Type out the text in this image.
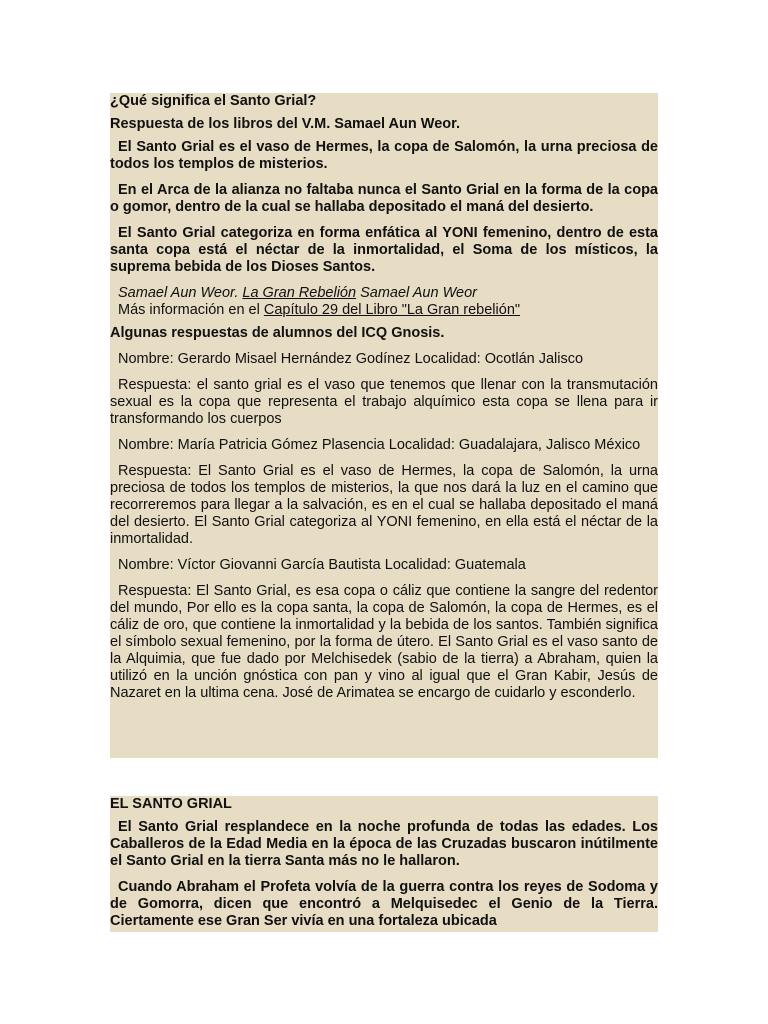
¿Qué significa el Santo Grial?

Respuesta de los libros del V.M. Samael Aun Weor.

El Santo Grial es el vaso de Hermes, la copa de Salomón, la urna preciosa de todos los templos de misterios.

En el Arca de la alianza no faltaba nunca el Santo Grial en la forma de la copa o gomor, dentro de la cual se hallaba depositado el maná del desierto.

El Santo Grial categoriza en forma enfática al YONI femenino, dentro de esta santa copa está el néctar de la inmortalidad, el Soma de los místicos, la suprema bebida de los Dioses Santos.

Samael Aun Weor. La Gran Rebelión Samael Aun Weor
Más información en el Capítulo 29 del Libro "La Gran rebelión"

Algunas respuestas de alumnos del ICQ Gnosis.

Nombre: Gerardo Misael Hernández Godínez Localidad: Ocotlán Jalisco

Respuesta: el santo grial es el vaso que tenemos que llenar con la transmutación sexual es la copa que representa el trabajo alquímico esta copa se llena para ir transformando los cuerpos

Nombre: María Patricia Gómez Plasencia Localidad: Guadalajara, Jalisco México

Respuesta: El Santo Grial es el vaso de Hermes, la copa de Salomón, la urna preciosa de todos los templos de misterios, la que nos dará la luz en el camino que recorreremos para llegar a la salvación, es en el cual se hallaba depositado el maná del desierto. El Santo Grial categoriza al YONI femenino, en ella está el néctar de la inmortalidad.

Nombre: Víctor Giovanni García Bautista Localidad: Guatemala

Respuesta: El Santo Grial, es esa copa o cáliz que contiene la sangre del redentor del mundo, Por ello es la copa santa, la copa de Salomón, la copa de Hermes, es el cáliz de oro, que contiene la inmortalidad y la bebida de los santos. También significa el símbolo sexual femenino, por la forma de útero. El Santo Grial es el vaso santo de la Alquimia, que fue dado por Melchisedek (sabio de la tierra) a Abraham, quien la utilizó en la unción gnóstica con pan y vino al igual que el Gran Kabir, Jesús de Nazaret en la ultima cena. José de Arimatea se encargo de cuidarlo y esconderlo.

EL SANTO GRIAL

El Santo Grial resplandece en la noche profunda de todas las edades. Los Caballeros de la Edad Media en la época de las Cruzadas buscaron inútilmente el Santo Grial en la tierra Santa más no le hallaron.

Cuando Abraham el Profeta volvía de la guerra contra los reyes de Sodoma y de Gomorra, dicen que encontró a Melquisedec el Genio de la Tierra. Ciertamente ese Gran Ser vivía en una fortaleza ubicada
